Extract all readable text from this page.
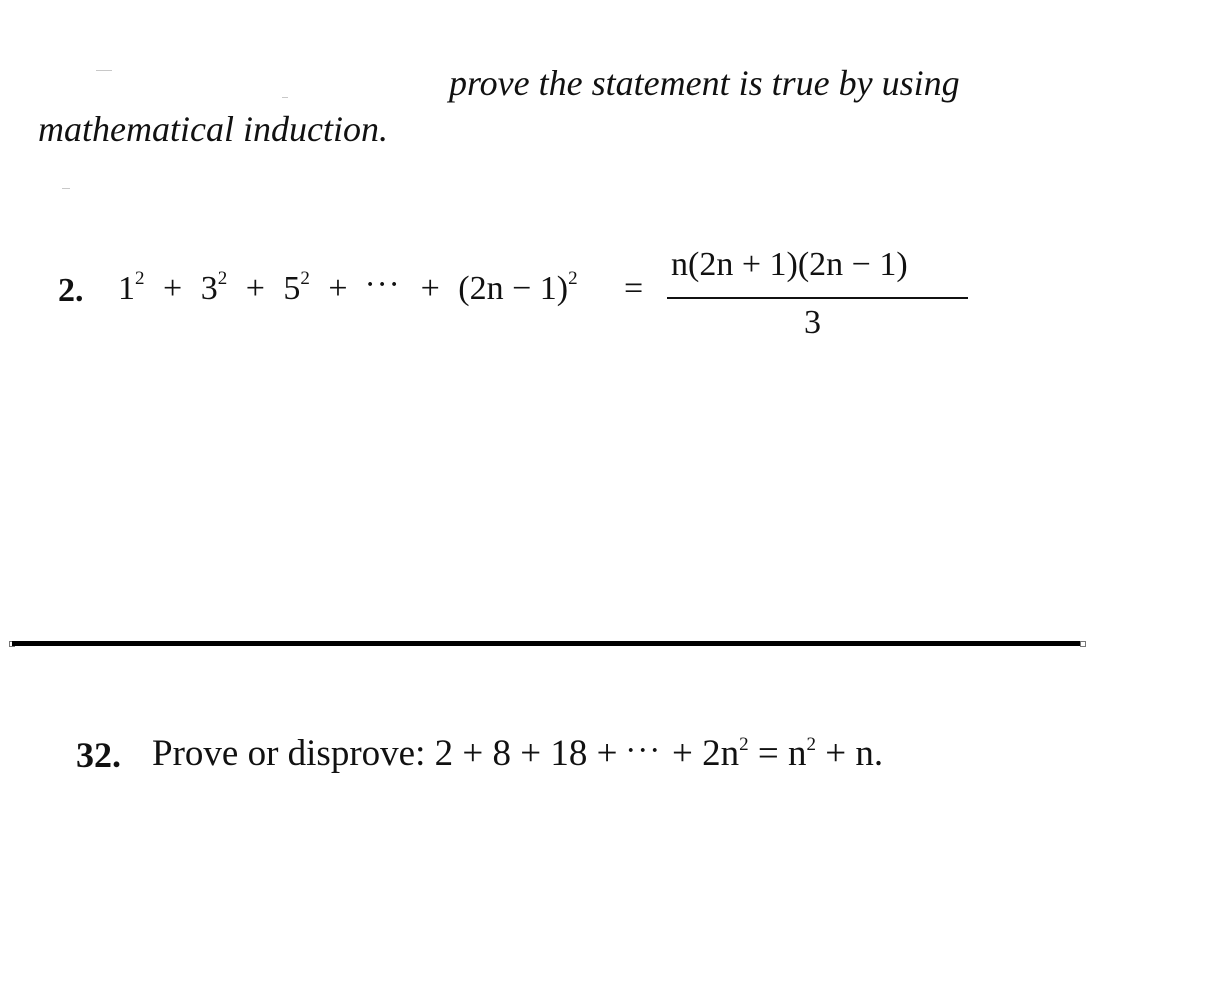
prove the statement is true by using
mathematical induction.
2. $1^2 + 3^2 + 5^2 + ^{\cdot\cdot\cdot} + (2n - 1)^2$ =
n(2n + 1)(2n − 1)
3
32. Prove or disprove: 2 + 8 + 18 + ··· + $2n^2 = n^2 + n$.
